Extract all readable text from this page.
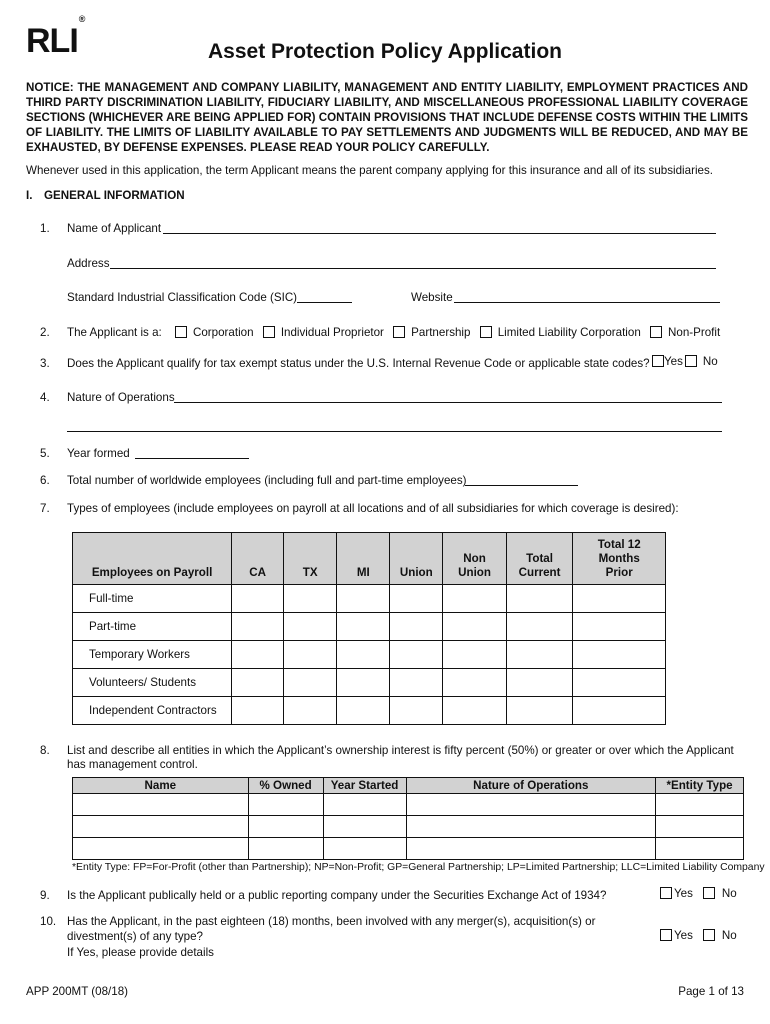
RLI®
Asset Protection Policy Application
NOTICE: THE MANAGEMENT AND COMPANY LIABILITY, MANAGEMENT AND ENTITY LIABILITY, EMPLOYMENT PRACTICES AND THIRD PARTY DISCRIMINATION LIABILITY, FIDUCIARY LIABILITY, AND MISCELLANEOUS PROFESSIONAL LIABILITY COVERAGE SECTIONS (WHICHEVER ARE BEING APPLIED FOR) CONTAIN PROVISIONS THAT INCLUDE DEFENSE COSTS WITHIN THE LIMITS OF LIABILITY. THE LIMITS OF LIABILITY AVAILABLE TO PAY SETTLEMENTS AND JUDGMENTS WILL BE REDUCED, AND MAY BE EXHAUSTED, BY DEFENSE EXPENSES. PLEASE READ YOUR POLICY CAREFULLY.
Whenever used in this application, the term Applicant means the parent company applying for this insurance and all of its subsidiaries.
I. GENERAL INFORMATION
1. Name of Applicant
Address
Standard Industrial Classification Code (SIC)	Website
2. The Applicant is a:	Corporation Individual Proprietor Partnership Limited Liability Corporation Non-Profit
3. Does the Applicant qualify for tax exempt status under the U.S. Internal Revenue Code or applicable state codes?	Yes No
4. Nature of Operations
5. Year formed
6. Total number of worldwide employees (including full and part-time employees)
7. Types of employees (include employees on payroll at all locations and of all subsidiaries for which coverage is desired):
Employees on Payroll	CA	TX	MI	Union	Non Union	Total Current	Total 12 Months Prior
Full-time							
Part-time							
Temporary Workers							
Volunteers/ Students							
Independent Contractors							
8. List and describe all entities in which the Applicant’s ownership interest is fifty percent (50%) or greater or over which the Applicant has management control.
Name	% Owned	Year Started	Nature of Operations	*Entity Type

*Entity Type: FP=For-Profit (other than Partnership); NP=Non-Profit; GP=General Partnership; LP=Limited Partnership; LLC=Limited Liability Company
9. Is the Applicant publically held or a public reporting company under the Securities Exchange Act of 1934?	Yes	No
10. Has the Applicant, in the past eighteen (18) months, been involved with any merger(s), acquisition(s) or
divestment(s) of any type?
If Yes, please provide details
Yes	No
APP 200MT (08/18)	Page 1 of 13
